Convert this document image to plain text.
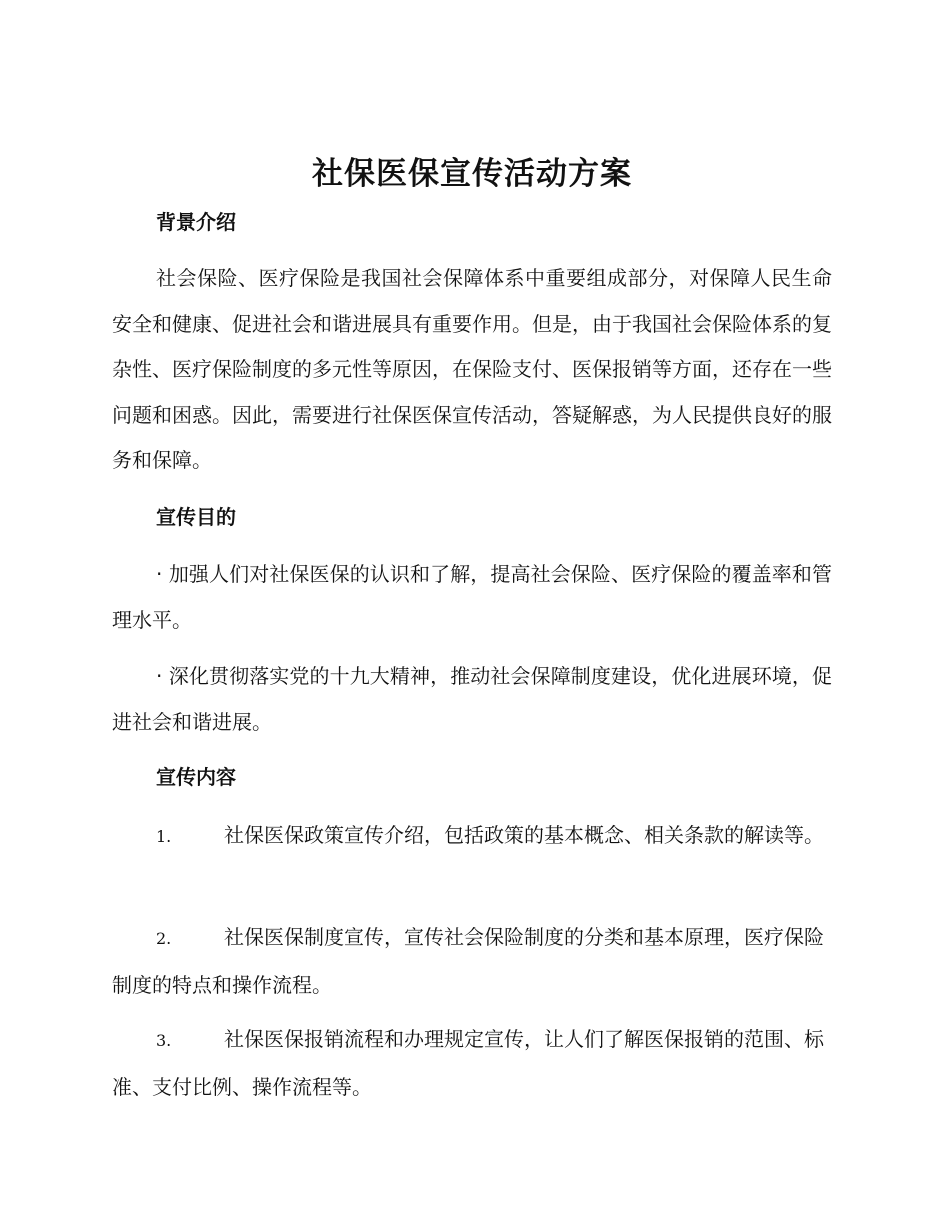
社保医保宣传活动方案
背景介绍

社会保险、医疗保险是我国社会保障体系中重要组成部分，对保障人民生命安全和健康、促进社会和谐进展具有重要作用。但是，由于我国社会保险体系的复杂性、医疗保险制度的多元性等原因，在保险支付、医保报销等方面，还存在一些问题和困惑。因此，需要进行社保医保宣传活动，答疑解惑，为人民提供良好的服务和保障。

宣传目的

· 加强人们对社保医保的认识和了解，提高社会保险、医疗保险的覆盖率和管理水平。

· 深化贯彻落实党的十九大精神，推动社会保障制度建设，优化进展环境，促进社会和谐进展。

宣传内容

1.	社保医保政策宣传介绍，包括政策的基本概念、相关条款的解读等。

2.	社保医保制度宣传，宣传社会保险制度的分类和基本原理，医疗保险制度的特点和操作流程。

3.	社保医保报销流程和办理规定宣传，让人们了解医保报销的范围、标准、支付比例、操作流程等。
